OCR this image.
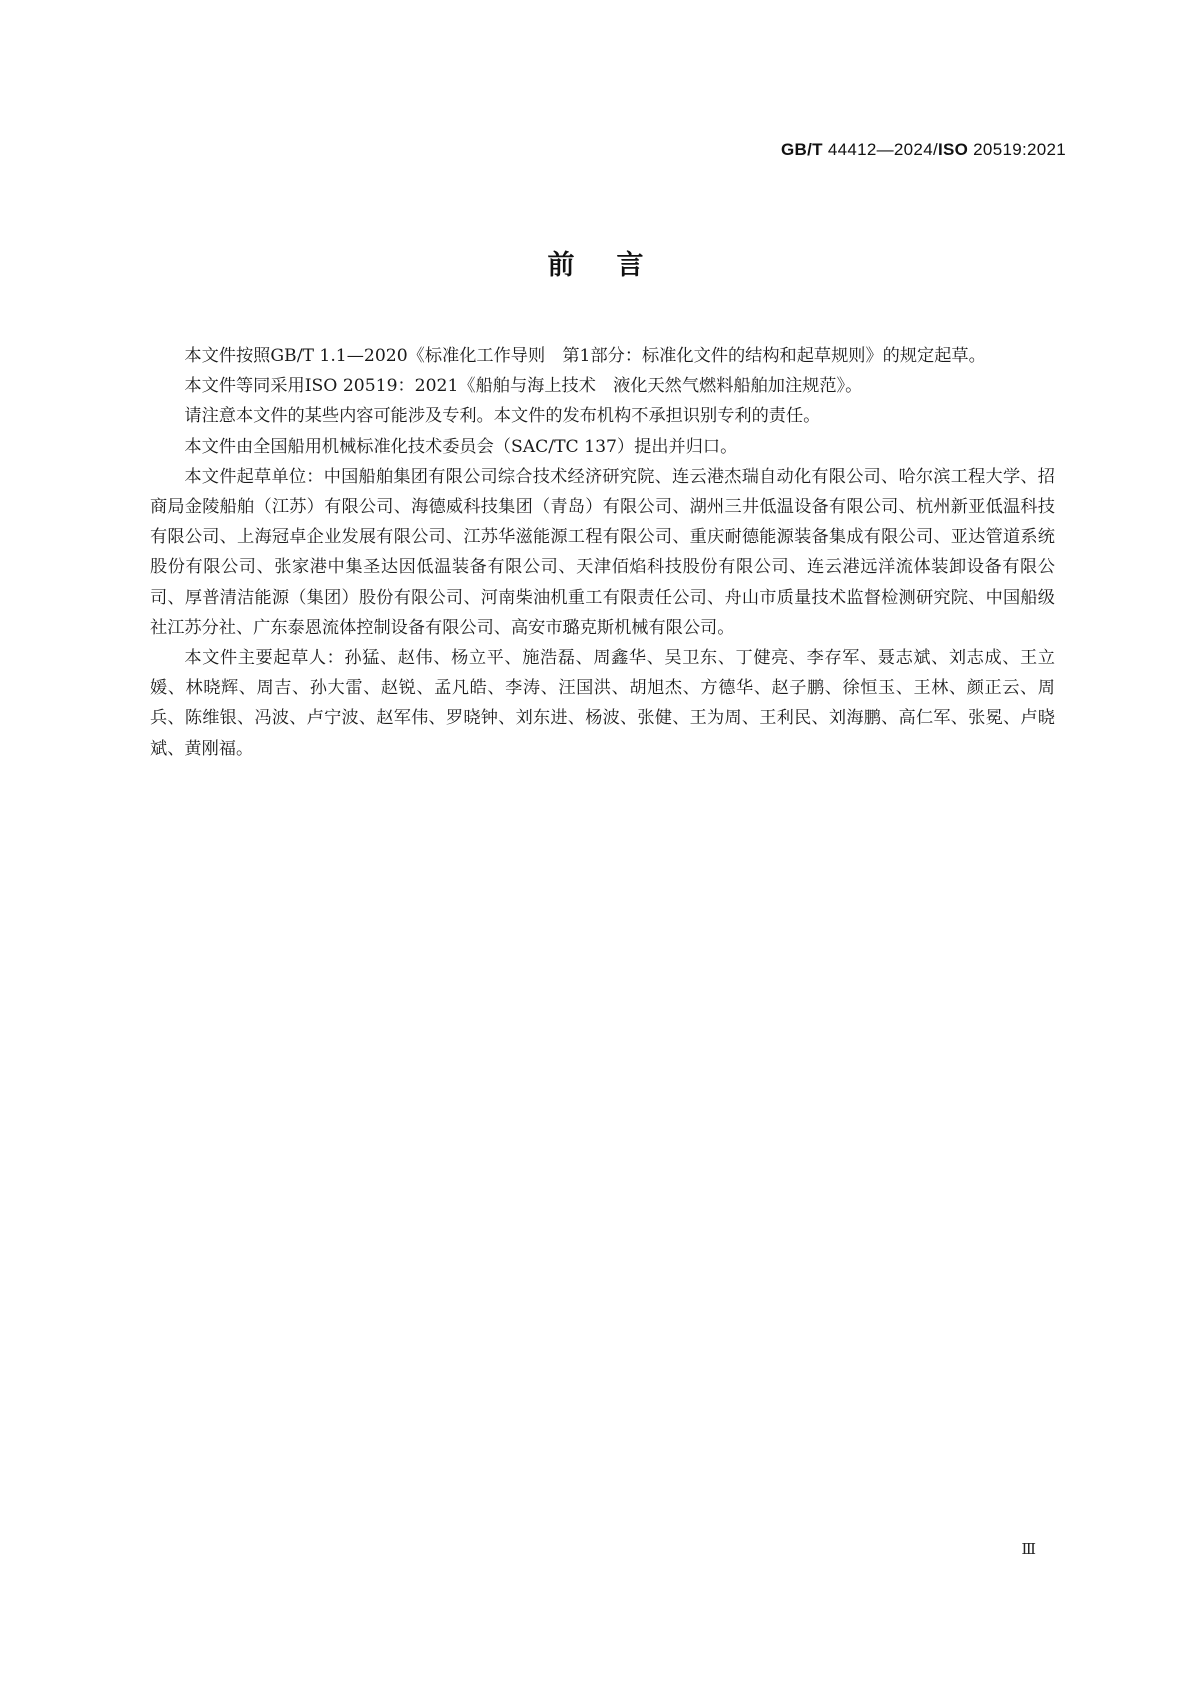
GB/T 44412—2024/ISO 20519:2021
前言

本文件按照GB/T 1.1—2020《标准化工作导则　第1部分：标准化文件的结构和起草规则》的规定起草。

本文件等同采用ISO 20519：2021《船舶与海上技术　液化天然气燃料船舶加注规范》。

请注意本文件的某些内容可能涉及专利。本文件的发布机构不承担识别专利的责任。

本文件由全国船用机械标准化技术委员会（SAC/TC 137）提出并归口。

本文件起草单位：中国船舶集团有限公司综合技术经济研究院、连云港杰瑞自动化有限公司、哈尔滨工程大学、招商局金陵船舶（江苏）有限公司、海德威科技集团（青岛）有限公司、湖州三井低温设备有限公司、杭州新亚低温科技有限公司、上海冠卓企业发展有限公司、江苏华滋能源工程有限公司、重庆耐德能源装备集成有限公司、亚达管道系统股份有限公司、张家港中集圣达因低温装备有限公司、天津佰焰科技股份有限公司、连云港远洋流体装卸设备有限公司、厚普清洁能源（集团）股份有限公司、河南柴油机重工有限责任公司、舟山市质量技术监督检测研究院、中国船级社江苏分社、广东泰恩流体控制设备有限公司、高安市璐克斯机械有限公司。

本文件主要起草人：孙猛、赵伟、杨立平、施浩磊、周鑫华、吴卫东、丁健亮、李存军、聂志斌、刘志成、王立媛、林晓辉、周吉、孙大雷、赵锐、孟凡皓、李涛、汪国洪、胡旭杰、方德华、赵子鹏、徐恒玉、王林、颜正云、周兵、陈维银、冯波、卢宁波、赵军伟、罗晓钟、刘东进、杨波、张健、王为周、王利民、刘海鹏、高仁军、张冕、卢晓斌、黄刚福。

Ⅲ
